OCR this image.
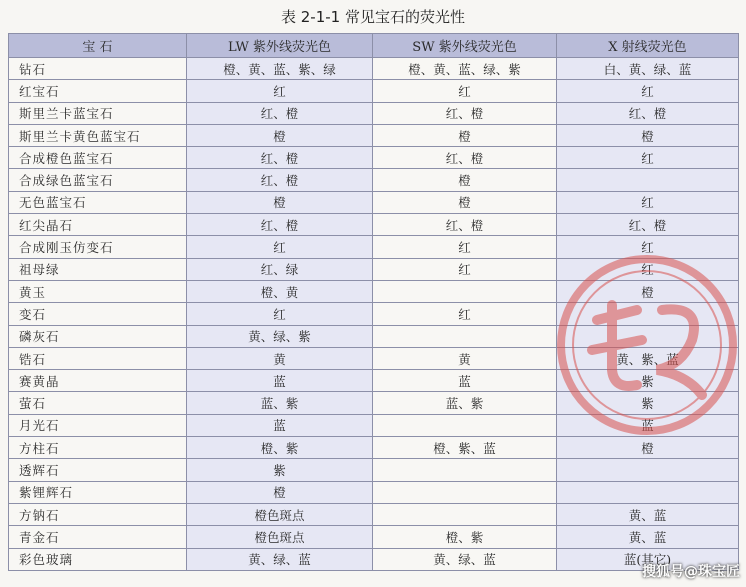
表 2-1-1 常见宝石的荧光性
宝 石	LW 紫外线荧光色	SW 紫外线荧光色	X 射线荧光色
钻石	橙、黄、蓝、紫、绿	橙、黄、蓝、绿、紫	白、黄、绿、蓝
红宝石	红	红	红
斯里兰卡蓝宝石	红、橙	红、橙	红、橙
斯里兰卡黄色蓝宝石	橙	橙	橙
合成橙色蓝宝石	红、橙	红、橙	红
合成绿色蓝宝石	红、橙	橙	
无色蓝宝石	橙	橙	红
红尖晶石	红、橙	红、橙	红、橙
合成刚玉仿变石	红	红	红
祖母绿	红、绿	红	红
黄玉	橙、黄		橙
变石	红	红	
磷灰石	黄、绿、紫		
锆石	黄	黄	黄、紫、蓝
赛黄晶	蓝	蓝	紫
萤石	蓝、紫	蓝、紫	紫
月光石	蓝		蓝
方柱石	橙、紫	橙、紫、蓝	橙
透辉石	紫		
紫锂辉石	橙		
方钠石	橙色斑点		黄、蓝
青金石	橙色斑点	橙、紫	黄、蓝
彩色玻璃	黄、绿、蓝	黄、绿、蓝	蓝(其它)
搜狐号@珠宝匠
